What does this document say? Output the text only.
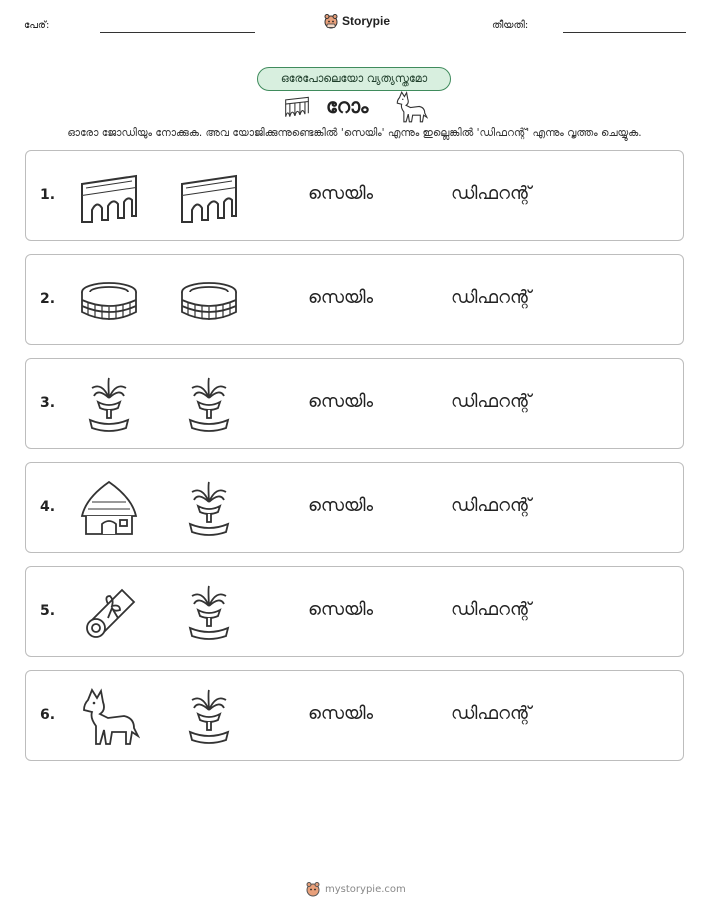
പേര്:	Storypie	തീയതി:
ഒരേപോലെയോ വ്യത്യസ്തമോ
റോം
ഓരോ ജോഡിയും നോക്കുക. അവ യോജിക്കുന്നുണ്ടെങ്കിൽ 'സെയിം' എന്നും ഇല്ലെങ്കിൽ 'ഡിഫറന്റ്' എന്നും വൃത്തം ചെയ്യുക.
1.	സെയിം	ഡിഫറന്റ്
2.	സെയിം	ഡിഫറന്റ്
3.	സെയിം	ഡിഫറന്റ്
4.	സെയിം	ഡിഫറന്റ്
5.	സെയിം	ഡിഫറന്റ്
6.	സെയിം	ഡിഫറന്റ്
mystorypie.com
